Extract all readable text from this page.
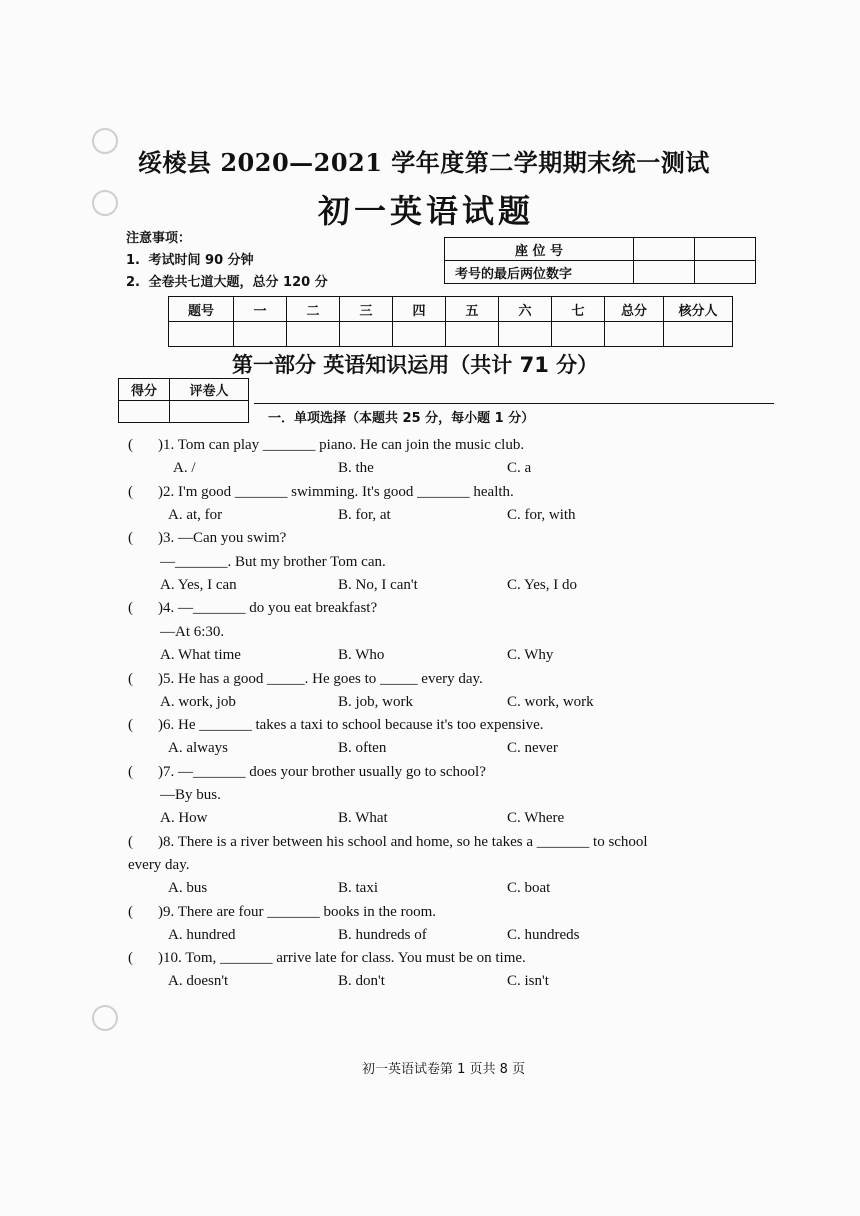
绥棱县 2020—2021 学年度第二学期期末统一测试
初一英语试题
注意事项：
1. 考试时间 90 分钟
2. 全卷共七道大题，总分 120 分
座 位 号		
考号的最后两位数字		
题号	一	二	三	四	五	六	七	总分	核分人

第一部分 英语知识运用（共计 71 分）
得分	评卷人

一．单项选择（本题共 25 分，每小题 1 分）
( )1. Tom can play _______ piano. He can join the music club.
A. /	B. the	C. a
( )2. I'm good _______ swimming. It's good _______ health.
A. at, for	B. for, at	C. for, with
( )3. —Can you swim?
—_______. But my brother Tom can.
A. Yes, I can	B. No, I can't	C. Yes, I do
( )4. —_______ do you eat breakfast?
—At 6:30.
A. What time	B. Who	C. Why
( )5. He has a good _____. He goes to _____ every day.
A. work, job	B. job, work	C. work, work
( )6. He _______ takes a taxi to school because it's too expensive.
A. always	B. often	C. never
( )7. —_______ does your brother usually go to school?
—By bus.
A. How	B. What	C. Where
( )8. There is a river between his school and home, so he takes a _______ to school
every day.
A. bus	B. taxi	C. boat
( )9. There are four _______ books in the room.
A. hundred	B. hundreds of	C. hundreds
( )10. Tom, _______ arrive late for class. You must be on time.
A. doesn't	B. don't	C. isn't
初一英语试卷第 1 页共 8 页
